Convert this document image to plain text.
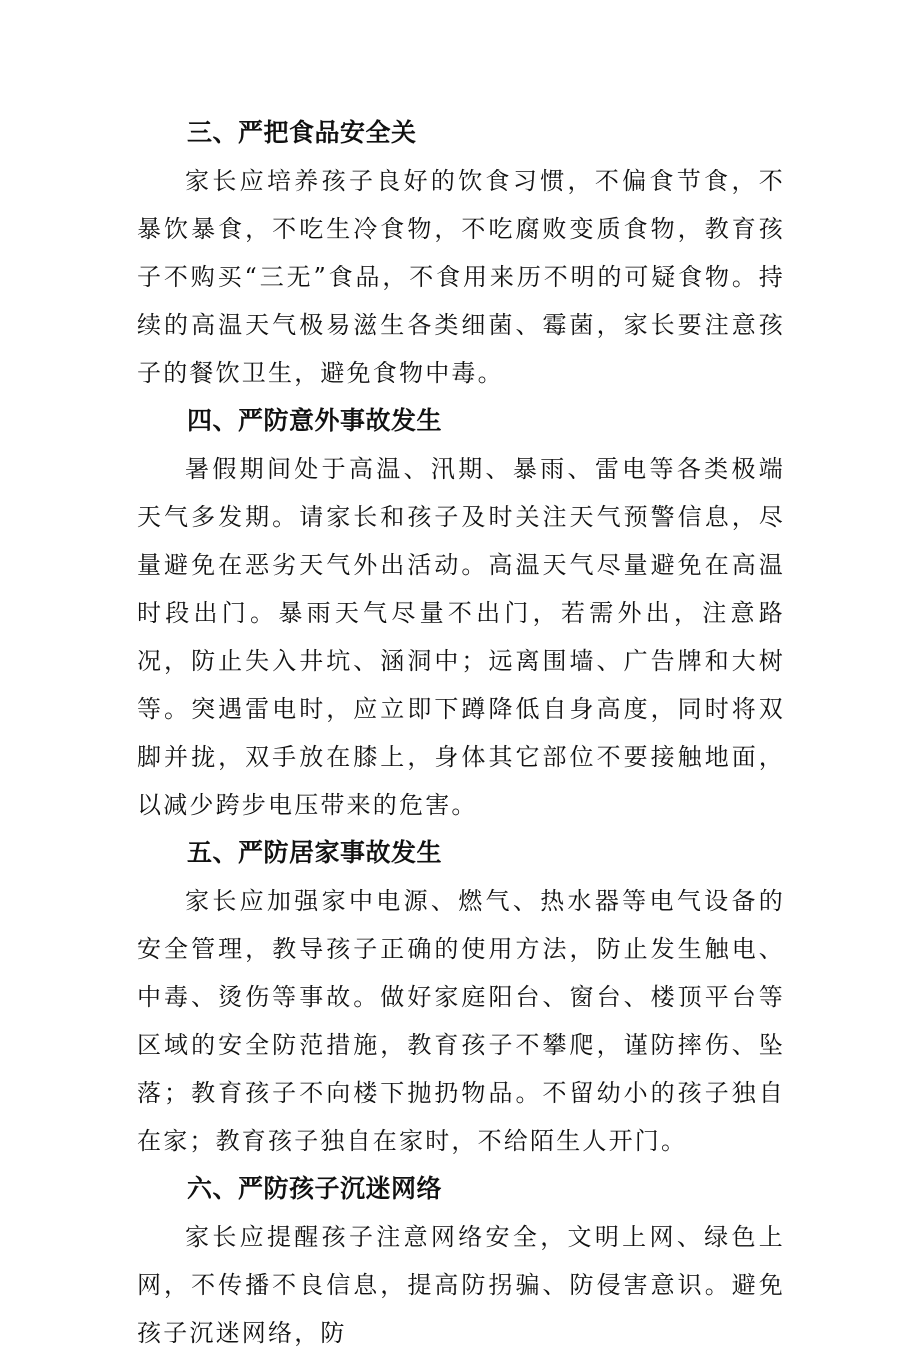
三、严把食品安全关

家长应培养孩子良好的饮食习惯，不偏食节食，不暴饮暴食，不吃生冷食物，不吃腐败变质食物，教育孩子不购买“三无”食品，不食用来历不明的可疑食物。持续的高温天气极易滋生各类细菌、霉菌，家长要注意孩子的餐饮卫生，避免食物中毒。

四、严防意外事故发生

暑假期间处于高温、汛期、暴雨、雷电等各类极端天气多发期。请家长和孩子及时关注天气预警信息，尽量避免在恶劣天气外出活动。高温天气尽量避免在高温时段出门。暴雨天气尽量不出门，若需外出，注意路况，防止失入井坑、涵洞中；远离围墙、广告牌和大树等。突遇雷电时，应立即下蹲降低自身高度，同时将双脚并拢，双手放在膝上，身体其它部位不要接触地面，以减少跨步电压带来的危害。

五、严防居家事故发生

家长应加强家中电源、燃气、热水器等电气设备的安全管理，教导孩子正确的使用方法，防止发生触电、中毒、烫伤等事故。做好家庭阳台、窗台、楼顶平台等区域的安全防范措施，教育孩子不攀爬，谨防摔伤、坠落；教育孩子不向楼下抛扔物品。不留幼小的孩子独自在家；教育孩子独自在家时，不给陌生人开门。

六、严防孩子沉迷网络

家长应提醒孩子注意网络安全，文明上网、绿色上网，不传播不良信息，提高防拐骗、防侵害意识。避免孩子沉迷网络，防
